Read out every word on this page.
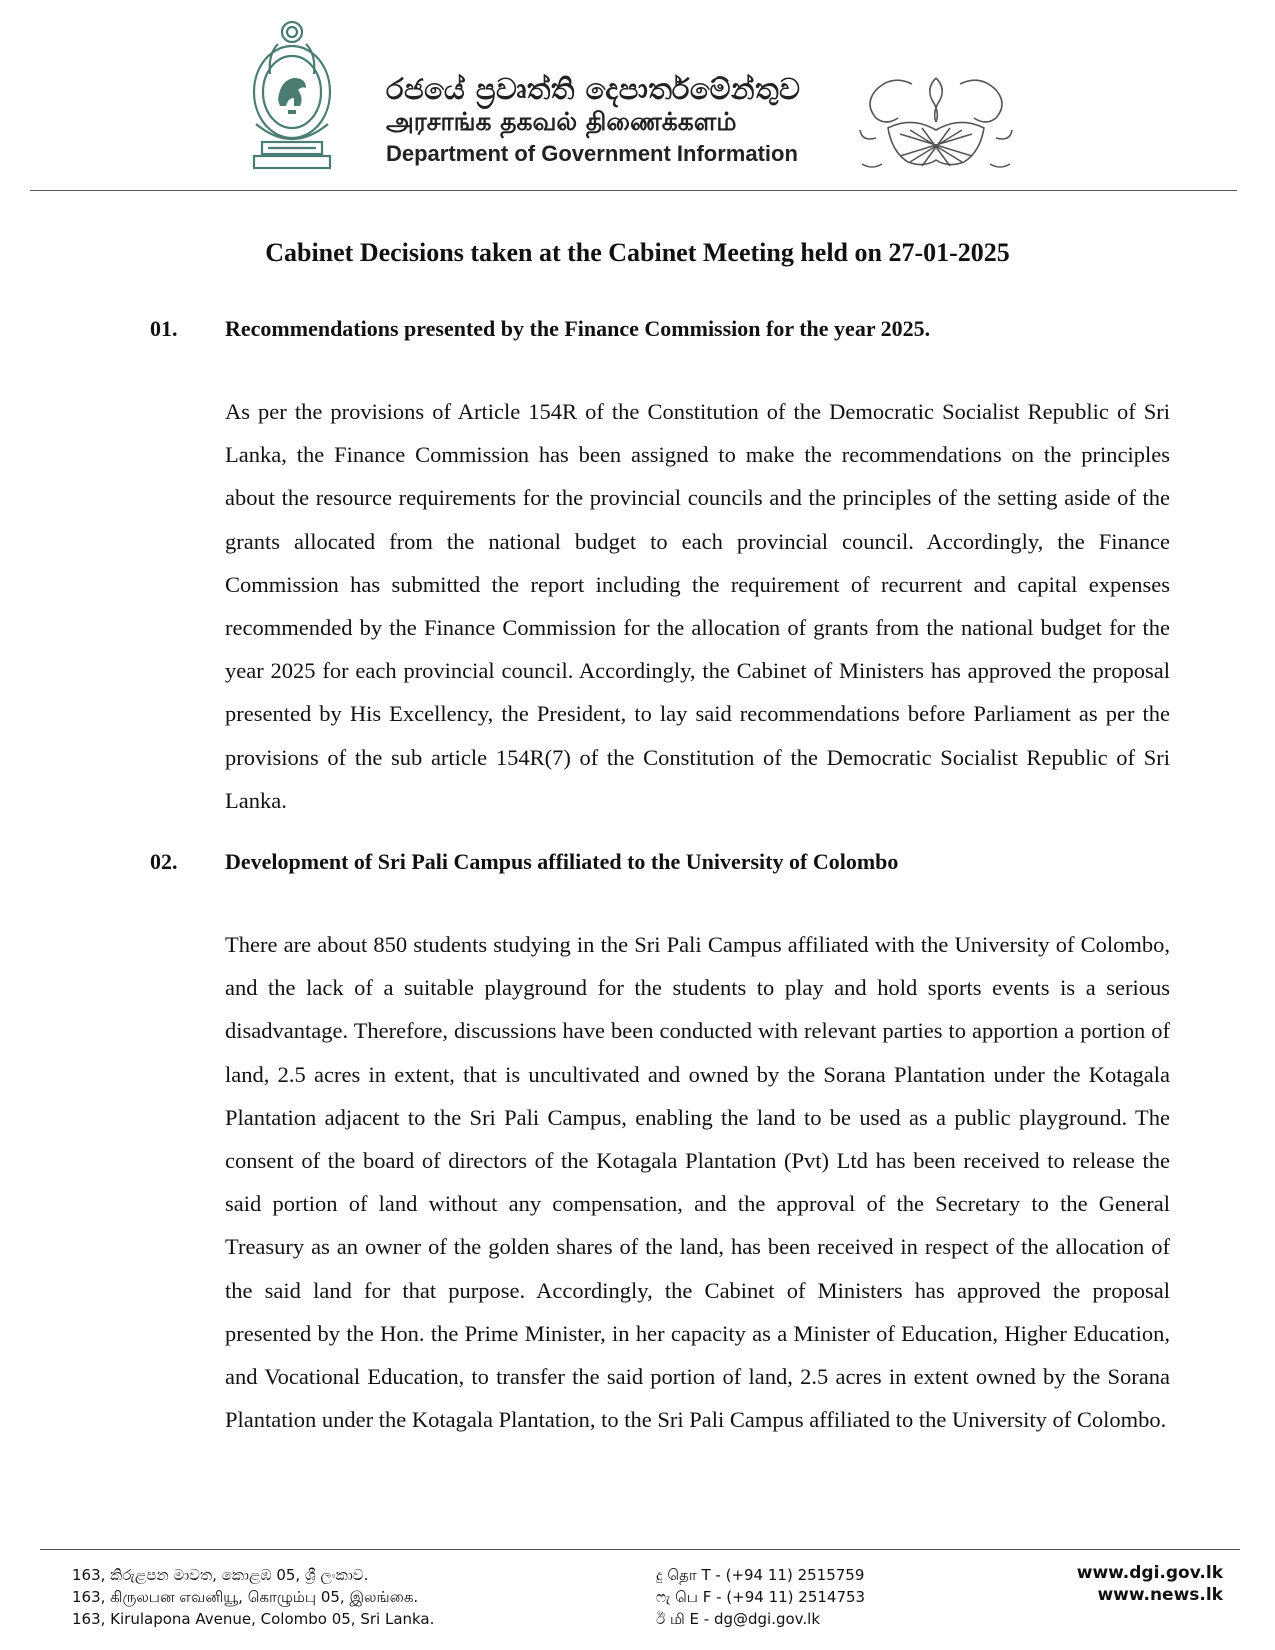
රජයේ ප්‍රවෘත්ති දෙපාර්තමේන්තුව
அரசாங்க தகவல் திணைக்களம்
Department of Government Information
Cabinet Decisions taken at the Cabinet Meeting held on 27-01-2025
01. Recommendations presented by the Finance Commission for the year 2025.

As per the provisions of Article 154R of the Constitution of the Democratic Socialist Republic of Sri Lanka, the Finance Commission has been assigned to make the recommendations on the principles about the resource requirements for the provincial councils and the principles of the setting aside of the grants allocated from the national budget to each provincial council. Accordingly, the Finance Commission has submitted the report including the requirement of recurrent and capital expenses recommended by the Finance Commission for the allocation of grants from the national budget for the year 2025 for each provincial council. Accordingly, the Cabinet of Ministers has approved the proposal presented by His Excellency, the President, to lay said recommendations before Parliament as per the provisions of the sub article 154R(7) of the Constitution of the Democratic Socialist Republic of Sri Lanka.

02. Development of Sri Pali Campus affiliated to the University of Colombo

There are about 850 students studying in the Sri Pali Campus affiliated with the University of Colombo, and the lack of a suitable playground for the students to play and hold sports events is a serious disadvantage. Therefore, discussions have been conducted with relevant parties to apportion a portion of land, 2.5 acres in extent, that is uncultivated and owned by the Sorana Plantation under the Kotagala Plantation adjacent to the Sri Pali Campus, enabling the land to be used as a public playground. The consent of the board of directors of the Kotagala Plantation (Pvt) Ltd has been received to release the said portion of land without any compensation, and the approval of the Secretary to the General Treasury as an owner of the golden shares of the land, has been received in respect of the allocation of the said land for that purpose. Accordingly, the Cabinet of Ministers has approved the proposal presented by the Hon. the Prime Minister, in her capacity as a Minister of Education, Higher Education, and Vocational Education, to transfer the said portion of land, 2.5 acres in extent owned by the Sorana Plantation under the Kotagala Plantation, to the Sri Pali Campus affiliated to the University of Colombo.

163, කිරුළපන මාවත, කොළඹ 05, ශ්‍රී ලංකාව.
163, கிருலபன எவனியூ, கொழும்பு 05, இலங்கை.
163, Kirulapona Avenue, Colombo 05, Sri Lanka.
දු தொ T - (+94 11) 2515759
ෆැ பெ F - (+94 11) 2514753
ඊ மி E - dg@dgi.gov.lk
www.dgi.gov.lk
www.news.lk
